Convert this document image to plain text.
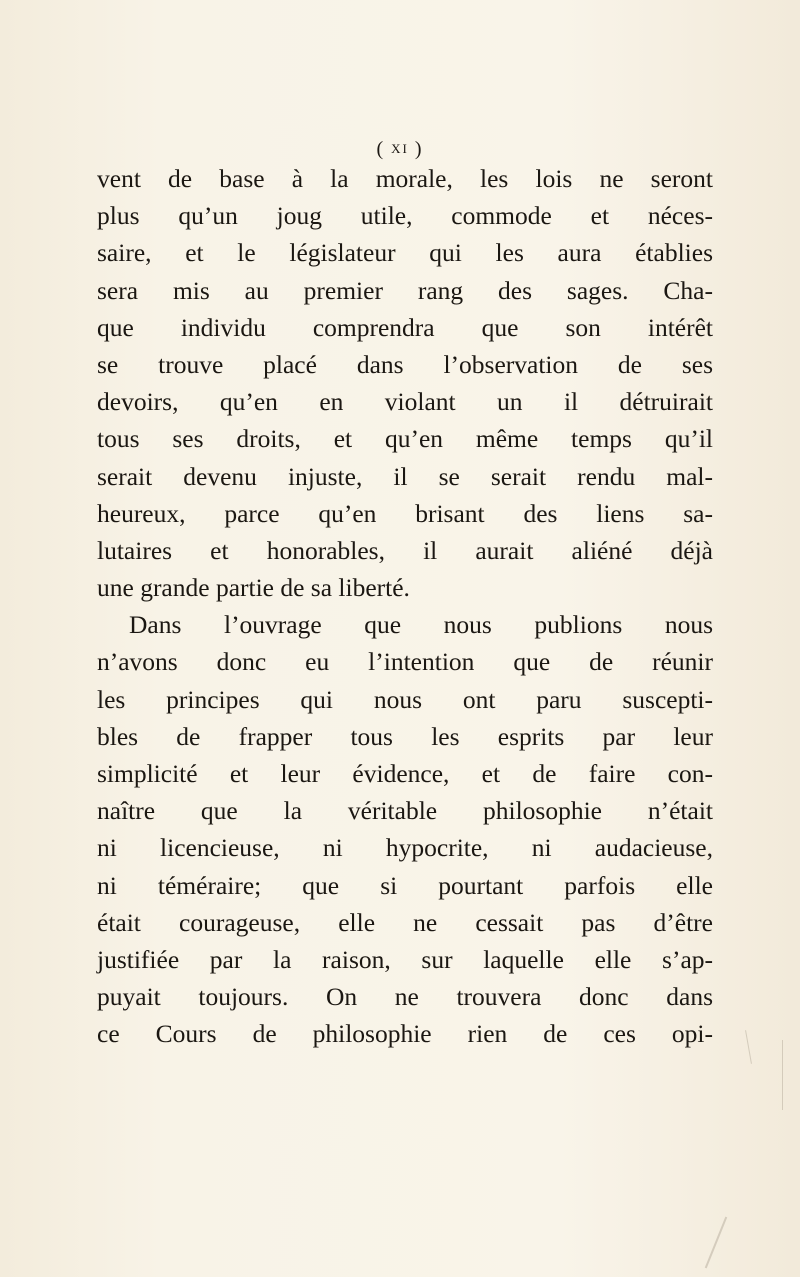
( XI )
vent de base à la morale, les lois ne seront
plus qu’un joug utile, commode et néces-
saire, et le législateur qui les aura établies
sera mis au premier rang des sages. Cha-
que individu comprendra que son intérêt
se trouve placé dans l’observation de ses
devoirs, qu’en en violant un il détruirait
tous ses droits, et qu’en même temps qu’il
serait devenu injuste, il se serait rendu mal-
heureux, parce qu’en brisant des liens sa-
lutaires et honorables, il aurait aliéné déjà
une grande partie de sa liberté.
Dans l’ouvrage que nous publions nous
n’avons donc eu l’intention que de réunir
les principes qui nous ont paru suscepti-
bles de frapper tous les esprits par leur
simplicité et leur évidence, et de faire con-
naître que la véritable philosophie n’était
ni licencieuse, ni hypocrite, ni audacieuse,
ni téméraire; que si pourtant parfois elle
était courageuse, elle ne cessait pas d’être
justifiée par la raison, sur laquelle elle s’ap-
puyait toujours. On ne trouvera donc dans
ce Cours de philosophie rien de ces opi-
